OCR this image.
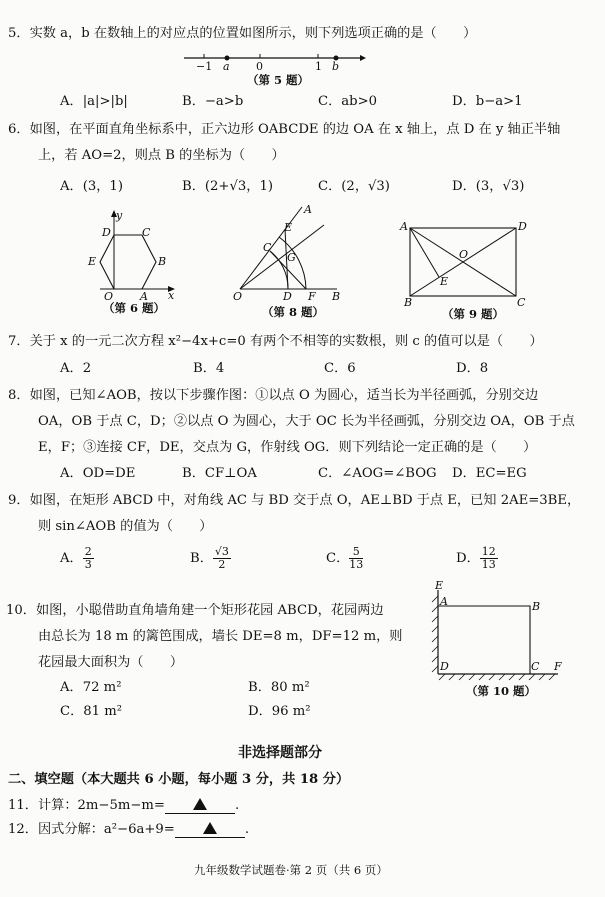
5．实数 a，b 在数轴上的对应点的位置如图所示，则下列选项正确的是（　　）
−1 a 0	1 b
（第 5 题）
A．|a|>|b|	B．−a>b	C．ab>0	D．b−a>1
6．如图，在平面直角坐标系中，正六边形 OABCDE 的边 OA 在 x 轴上，点 D 在 y 轴正半轴
上，若 AO=2，则点 B 的坐标为（　　）
A．(3，1)	B．(2+√3，1)	C．(2，√3)	D．(3，√3)
y
x
D	C
E	B
O A
（第 6 题）
A
E
C
G
O	D F B
（第 8 题）
A	D
O
E
B	C
（第 9 题）
7．关于 x 的一元二次方程 x²−4x+c=0 有两个不相等的实数根，则 c 的值可以是（　　）
A．2	B．4	C．6	D．8
8．如图，已知∠AOB，按以下步骤作图：①以点 O 为圆心，适当长为半径画弧，分别交边
OA，OB 于点 C，D；②以点 O 为圆心，大于 OC 长为半径画弧，分别交边 OA，OB 于点
E，F；③连接 CF，DE，交点为 G，作射线 OG．则下列结论一定正确的是（　　）
A．OD=DE	B．CF⊥OA	C．∠AOG=∠BOG D．EC=EG
9．如图，在矩形 ABCD 中，对角线 AC 与 BD 交于点 O，AE⊥BD 于点 E，已知 2AE=3BE，
则 sin∠AOB 的值为（　　）
A． $\frac{2}{3}$	B． $\frac{√3}{2}$	C． $\frac{5}{13}$	D． $\frac{12}{13}$
10．如图，小聪借助直角墙角建一个矩形花园 ABCD，花园两边
由总长为 18 m 的篱笆围成，墙长 DE=8 m，DF=12 m，则
花园最大面积为（　　）
A．72 m²	B．80 m²
C．81 m²	D．96 m²
E
A	B
D	C F
（第 10 题）
非选择题部分
二、填空题（本大题共 6 小题，每小题 3 分，共 18 分）
11．计算：2m−5m−m=	.
12．因式分解：a²−6a+9=	.
九年级数学试题卷·第 2 页（共 6 页）
